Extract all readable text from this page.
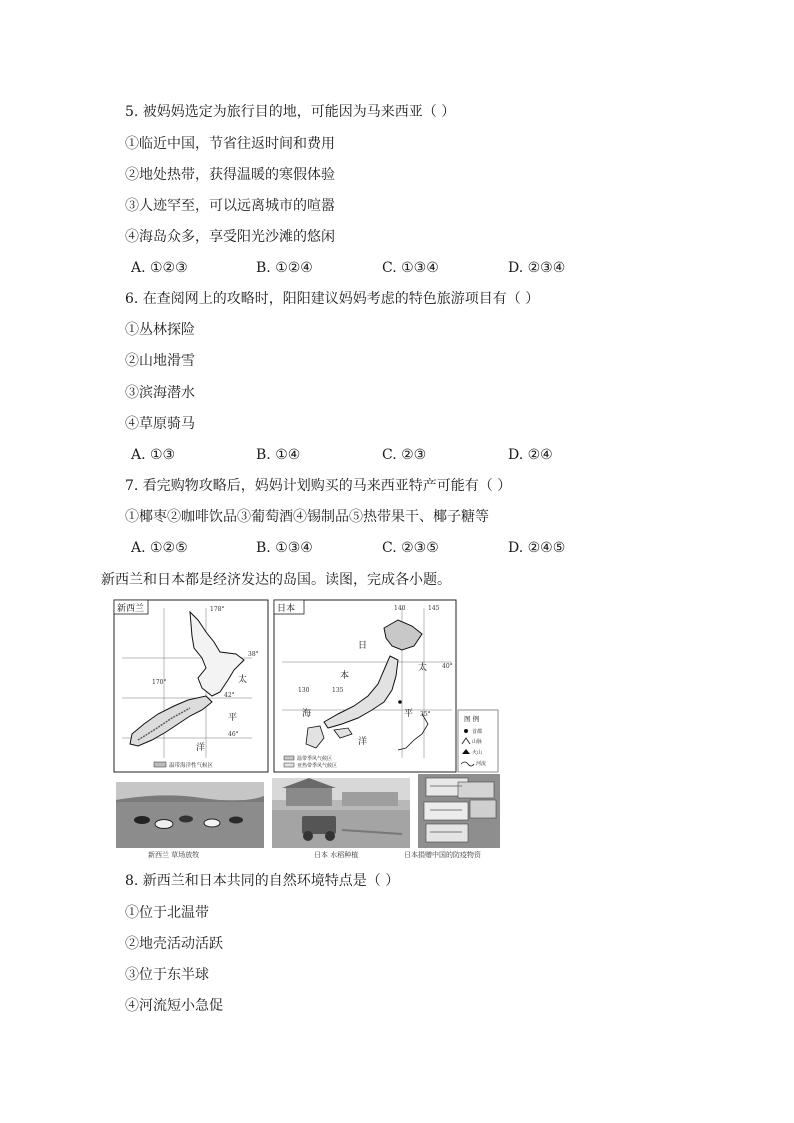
5. 被妈妈选定为旅行目的地，可能因为马来西亚（ ）
①临近中国，节省往返时间和费用
②地处热带，获得温暖的寒假体验
③人迹罕至，可以远离城市的喧嚣
④海岛众多，享受阳光沙滩的悠闲
A. ①②③	B. ①②④	C. ①③④	D. ②③④
6. 在查阅网上的攻略时，阳阳建议妈妈考虑的特色旅游项目有（ ）
①丛林探险
②山地滑雪
③滨海潜水
④草原骑马
A. ①③	B. ①④	C. ②③	D. ②④
7. 看完购物攻略后，妈妈计划购买的马来西亚特产可能有（ ）
①椰枣②咖啡饮品③葡萄酒④锡制品⑤热带果干、椰子糖等
A. ①②⑤	B. ①③④	C. ②③⑤	D. ②④⑤
新西兰和日本都是经济发达的岛国。读图，完成各小题。
新西兰	178°
170°
38°
42°
46°
太
平
洋
温带海洋性气候区
日本	140	145
130	135
40°
35°
日
本
海
太
平
洋
温带季风气候区
亚热带季风气候区
图 例
首都
山脉
火山
河流
新西兰 草场放牧	日本 水稻种植	日本捐赠中国的防疫物资
8. 新西兰和日本共同的自然环境特点是（ ）
①位于北温带
②地壳活动活跃
③位于东半球
④河流短小急促
